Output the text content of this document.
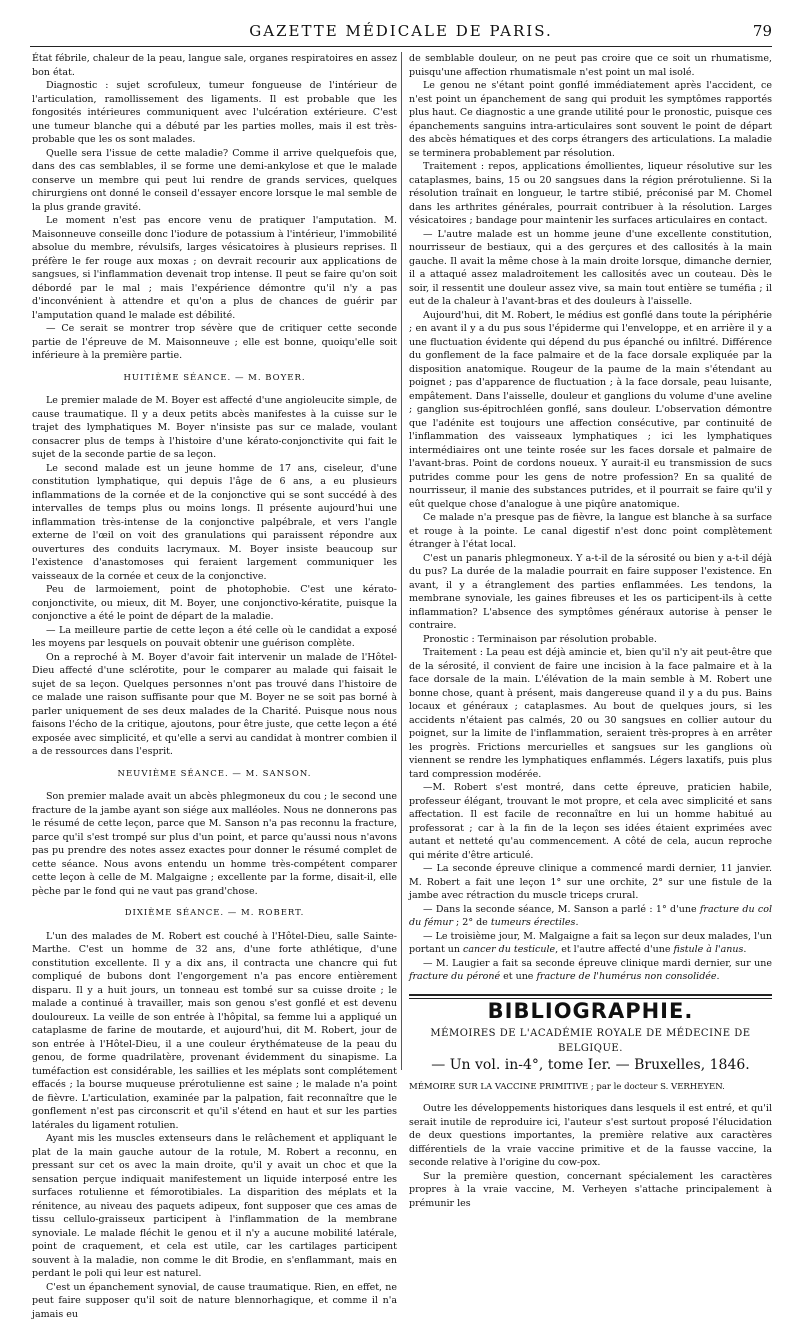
GAZETTE MÉDICALE DE PARIS.	79

État fébrile, chaleur de la peau, langue sale, organes respiratoires en assez bon état.

Diagnostic : sujet scrofuleux, tumeur fongueuse de l'intérieur de l'articulation, ramollissement des ligaments. Il est probable que les fongosités intérieures communiquent avec l'ulcération extérieure. C'est une tumeur blanche qui a débuté par les parties molles, mais il est très-probable que les os sont malades.

Quelle sera l'issue de cette maladie? Comme il arrive quelquefois que, dans des cas semblables, il se forme une demi-ankylose et que le malade conserve un membre qui peut lui rendre de grands services, quelques chirurgiens ont donné le conseil d'essayer encore lorsque le mal semble de la plus grande gravité.

Le moment n'est pas encore venu de pratiquer l'amputation. M. Maisonneuve conseille donc l'iodure de potassium à l'intérieur, l'immobilité absolue du membre, révulsifs, larges vésicatoires à plusieurs reprises. Il préfère le fer rouge aux moxas ; on devrait recourir aux applications de sangsues, si l'inflammation devenait trop intense. Il peut se faire qu'on soit débordé par le mal ; mais l'expérience démontre qu'il n'y a pas d'inconvénient à attendre et qu'on a plus de chances de guérir par l'amputation quand le malade est débilité.

— Ce serait se montrer trop sévère que de critiquer cette seconde partie de l'épreuve de M. Maisonneuve ; elle est bonne, quoiqu'elle soit inférieure à la première partie.

HUITIÈME SÉANCE. — M. BOYER.

Le premier malade de M. Boyer est affecté d'une angioleucite simple, de cause traumatique. Il y a deux petits abcès manifestes à la cuisse sur le trajet des lymphatiques M. Boyer n'insiste pas sur ce malade, voulant consacrer plus de temps à l'histoire d'une kérato-conjonctivite qui fait le sujet de la seconde partie de sa leçon.

Le second malade est un jeune homme de 17 ans, ciseleur, d'une constitution lymphatique, qui depuis l'âge de 6 ans, a eu plusieurs inflammations de la cornée et de la conjonctive qui se sont succédé à des intervalles de temps plus ou moins longs. Il présente aujourd'hui une inflammation très-intense de la conjonctive palpébrale, et vers l'angle externe de l'œil on voit des granulations qui paraissent répondre aux ouvertures des conduits lacrymaux. M. Boyer insiste beaucoup sur l'existence d'anastomoses qui feraient largement communiquer les vaisseaux de la cornée et ceux de la conjonctive.

Peu de larmoiement, point de photophobie. C'est une kérato-conjonctivite, ou mieux, dit M. Boyer, une conjonctivo-kératite, puisque la conjonctive a été le point de départ de la maladie.

— La meilleure partie de cette leçon a été celle où le candidat a exposé les moyens par lesquels on pouvait obtenir une guérison complète.

On a reproché à M. Boyer d'avoir fait intervenir un malade de l'Hôtel-Dieu affecté d'une sclérotite, pour le comparer au malade qui faisait le sujet de sa leçon. Quelques personnes n'ont pas trouvé dans l'histoire de ce malade une raison suffisante pour que M. Boyer ne se soit pas borné à parler uniquement de ses deux malades de la Charité. Puisque nous nous faisons l'écho de la critique, ajoutons, pour être juste, que cette leçon a été exposée avec simplicité, et qu'elle a servi au candidat à montrer combien il a de ressources dans l'esprit.

NEUVIÈME SÉANCE. — M. SANSON.

Son premier malade avait un abcès phlegmoneux du cou ; le second une fracture de la jambe ayant son siége aux malléoles. Nous ne donnerons pas le résumé de cette leçon, parce que M. Sanson n'a pas reconnu la fracture, parce qu'il s'est trompé sur plus d'un point, et parce qu'aussi nous n'avons pas pu prendre des notes assez exactes pour donner le résumé complet de cette séance. Nous avons entendu un homme très-compétent comparer cette leçon à celle de M. Malgaigne ; excellente par la forme, disait-il, elle pèche par le fond qui ne vaut pas grand'chose.

DIXIÈME SÉANCE. — M. ROBERT.

L'un des malades de M. Robert est couché à l'Hôtel-Dieu, salle Sainte-Marthe. C'est un homme de 32 ans, d'une forte athlétique, d'une constitution excellente. Il y a dix ans, il contracta une chancre qui fut compliqué de bubons dont l'engorgement n'a pas encore entièrement disparu. Il y a huit jours, un tonneau est tombé sur sa cuisse droite ; le malade a continué à travailler, mais son genou s'est gonflé et est devenu douloureux. La veille de son entrée à l'hôpital, sa femme lui a appliqué un cataplasme de farine de moutarde, et aujourd'hui, dit M. Robert, jour de son entrée à l'Hôtel-Dieu, il a une couleur érythémateuse de la peau du genou, de forme quadrilatère, provenant évidemment du sinapisme. La tuméfaction est considérable, les saillies et les méplats sont complétement effacés ; la bourse muqueuse prérotulienne est saine ; le malade n'a point de fièvre. L'articulation, examinée par la palpation, fait reconnaître que le gonflement n'est pas circonscrit et qu'il s'étend en haut et sur les parties latérales du ligament rotulien.

Ayant mis les muscles extenseurs dans le relâchement et appliquant le plat de la main gauche autour de la rotule, M. Robert a reconnu, en pressant sur cet os avec la main droite, qu'il y avait un choc et que la sensation perçue indiquait manifestement un liquide interposé entre les surfaces rotulienne et fémorotibiales. La disparition des méplats et la rénitence, au niveau des paquets adipeux, font supposer que ces amas de tissu cellulo-graisseux participent à l'inflammation de la membrane synoviale. Le malade fléchit le genou et il n'y a aucune mobilité latérale, point de craquement, et cela est utile, car les cartilages participent souvent à la maladie, non comme le dit Brodie, en s'enflammant, mais en perdant le poli qui leur est naturel.

C'est un épanchement synovial, de cause traumatique. Rien, en effet, ne peut faire supposer qu'il soit de nature blennorhagique, et comme il n'a jamais eu

de semblable douleur, on ne peut pas croire que ce soit un rhumatisme, puisqu'une affection rhumatismale n'est point un mal isolé.

Le genou ne s'étant point gonflé immédiatement après l'accident, ce n'est point un épanchement de sang qui produit les symptômes rapportés plus haut. Ce diagnostic a une grande utilité pour le pronostic, puisque ces épanchements sanguins intra-articulaires sont souvent le point de départ des abcès hématiques et des corps étrangers des articulations. La maladie se terminera probablement par résolution.

Traitement : repos, applications émollientes, liqueur résolutive sur les cataplasmes, bains, 15 ou 20 sangsues dans la région prérotulienne. Si la résolution traînait en longueur, le tartre stibié, préconisé par M. Chomel dans les arthrites générales, pourrait contribuer à la résolution. Larges vésicatoires ; bandage pour maintenir les surfaces articulaires en contact.

— L'autre malade est un homme jeune d'une excellente constitution, nourrisseur de bestiaux, qui a des gerçures et des callosités à la main gauche. Il avait la même chose à la main droite lorsque, dimanche dernier, il a attaqué assez maladroitement les callosités avec un couteau. Dès le soir, il ressentit une douleur assez vive, sa main tout entière se tuméfia ; il eut de la chaleur à l'avant-bras et des douleurs à l'aisselle.

Aujourd'hui, dit M. Robert, le médius est gonflé dans toute la périphérie ; en avant il y a du pus sous l'épiderme qui l'enveloppe, et en arrière il y a une fluctuation évidente qui dépend du pus épanché ou infiltré. Différence du gonflement de la face palmaire et de la face dorsale expliquée par la disposition anatomique. Rougeur de la paume de la main s'étendant au poignet ; pas d'apparence de fluctuation ; à la face dorsale, peau luisante, empâtement. Dans l'aisselle, douleur et ganglions du volume d'une aveline ; ganglion sus-épitrochléen gonflé, sans douleur. L'observation démontre que l'adénite est toujours une affection consécutive, par continuité de l'inflammation des vaisseaux lymphatiques ; ici les lymphatiques intermédiaires ont une teinte rosée sur les faces dorsale et palmaire de l'avant-bras. Point de cordons noueux. Y aurait-il eu transmission de sucs putrides comme pour les gens de notre profession? En sa qualité de nourrisseur, il manie des substances putrides, et il pourrait se faire qu'il y eût quelque chose d'analogue à une piqûre anatomique.

Ce malade n'a presque pas de fièvre, la langue est blanche à sa surface et rouge à la pointe. Le canal digestif n'est donc point complètement étranger à l'état local.

C'est un panaris phlegmoneux. Y a-t-il de la sérosité ou bien y a-t-il déjà du pus? La durée de la maladie pourrait en faire supposer l'existence. En avant, il y a étranglement des parties enflammées. Les tendons, la membrane synoviale, les gaines fibreuses et les os participent-ils à cette inflammation? L'absence des symptômes généraux autorise à penser le contraire.

Pronostic : Terminaison par résolution probable.

Traitement : La peau est déjà amincie et, bien qu'il n'y ait peut-être que de la sérosité, il convient de faire une incision à la face palmaire et à la face dorsale de la main. L'élévation de la main semble à M. Robert une bonne chose, quant à présent, mais dangereuse quand il y a du pus. Bains locaux et généraux ; cataplasmes. Au bout de quelques jours, si les accidents n'étaient pas calmés, 20 ou 30 sangsues en collier autour du poignet, sur la limite de l'inflammation, seraient très-propres à en arrêter les progrès. Frictions mercurielles et sangsues sur les ganglions où viennent se rendre les lymphatiques enflammés. Légers laxatifs, puis plus tard compression modérée.

—M. Robert s'est montré, dans cette épreuve, praticien habile, professeur élégant, trouvant le mot propre, et cela avec simplicité et sans affectation. Il est facile de reconnaître en lui un homme habitué au professorat ; car à la fin de la leçon ses idées étaient exprimées avec autant et netteté qu'au commencement. A côté de cela, aucun reproche qui mérite d'être articulé.

— La seconde épreuve clinique a commencé mardi dernier, 11 janvier. M. Robert a fait une leçon 1° sur une orchite, 2° sur une fistule de la jambe avec rétraction du muscle triceps crural.

— Dans la seconde séance, M. Sanson a parlé : 1° d'une fracture du col du fémur ; 2° de tumeurs érectiles.

— Le troisième jour, M. Malgaigne a fait sa leçon sur deux malades, l'un portant un cancer du testicule, et l'autre affecté d'une fistule à l'anus.

— M. Laugier a fait sa seconde épreuve clinique mardi dernier, sur une fracture du péroné et une fracture de l'humérus non consolidée.

BIBLIOGRAPHIE.
MÉMOIRES DE L'ACADÉMIE ROYALE DE MÉDECINE DE BELGIQUE.
— Un vol. in-4°, tome Ier. — Bruxelles, 1846.

MÉMOIRE SUR LA VACCINE PRIMITIVE ; par le docteur S. VERHEYEN.

Outre les développements historiques dans lesquels il est entré, et qu'il serait inutile de reproduire ici, l'auteur s'est surtout proposé l'élucidation de deux questions importantes, la première relative aux caractères différentiels de la vraie vaccine primitive et de la fausse vaccine, la seconde relative à l'origine du cow-pox.

Sur la première question, concernant spécialement les caractères propres à la vraie vaccine, M. Verheyen s'attache principalement à prémunir les
